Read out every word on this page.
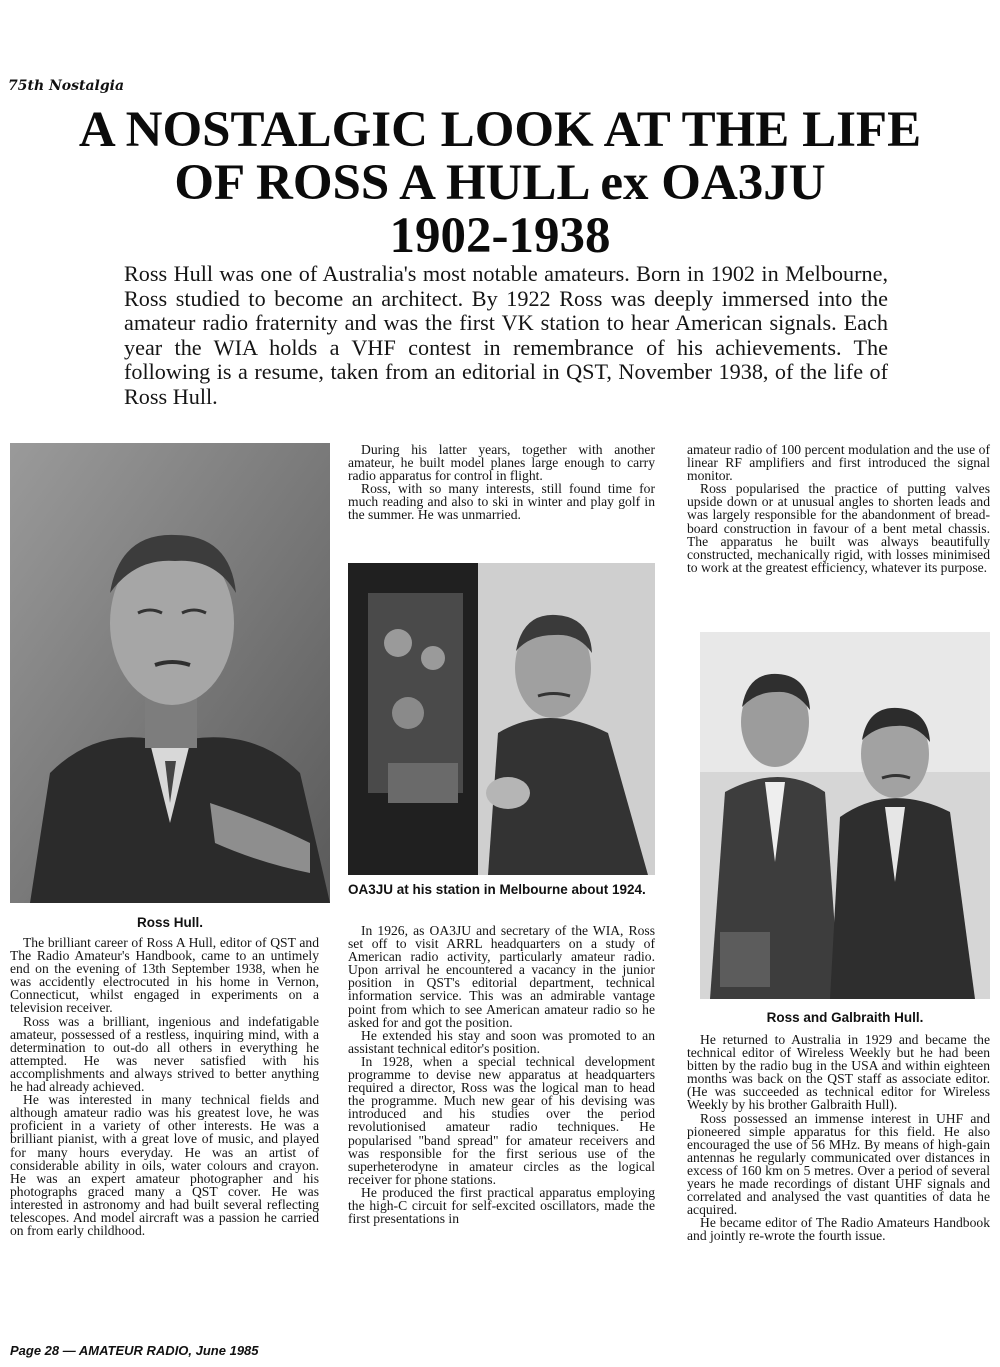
75th Nostalgia
A NOSTALGIC LOOK AT THE LIFE
OF ROSS A HULL ex OA3JU
1902-1938

Ross Hull was one of Australia's most notable amateurs. Born in 1902 in Melbourne, Ross studied to become an architect. By 1922 Ross was deeply immersed into the amateur radio fraternity and was the first VK station to hear American signals. Each year the WIA holds a VHF contest in remembrance of his achievements. The following is a resume, taken from an editorial in QST, November 1938, of the life of Ross Hull.

Ross Hull.

The brilliant career of Ross A Hull, editor of QST and The Radio Amateur's Handbook, came to an untimely end on the evening of 13th September 1938, when he was accidently electrocuted in his home in Vernon, Connecticut, whilst engaged in experiments on a television receiver.

Ross was a brilliant, ingenious and indefatigable amateur, possessed of a restless, inquiring mind, with a determination to out-do all others in everything he attempted. He was never satisfied with his accomplishments and always strived to better anything he had already achieved.

He was interested in many technical fields and although amateur radio was his greatest love, he was proficient in a variety of other interests. He was a brilliant pianist, with a great love of music, and played for many hours everyday. He was an artist of considerable ability in oils, water colours and crayon. He was an expert amateur photographer and his photographs graced many a QST cover. He was interested in astronomy and had built several reflecting telescopes. And model aircraft was a passion he carried on from early childhood.

During his latter years, together with another amateur, he built model planes large enough to carry radio apparatus for control in flight.

Ross, with so many interests, still found time for much reading and also to ski in winter and play golf in the summer. He was unmarried.

OA3JU at his station in Melbourne about 1924.

In 1926, as OA3JU and secretary of the WIA, Ross set off to visit ARRL headquarters on a study of American radio activity, particularly amateur radio. Upon arrival he encountered a vacancy in the junior position in QST's editorial department, technical information service. This was an admirable vantage point from which to see American amateur radio so he asked for and got the position.

He extended his stay and soon was promoted to an assistant technical editor's position.

In 1928, when a special technical development programme to devise new apparatus at headquarters required a director, Ross was the logical man to head the programme. Much new gear of his devising was introduced and his studies over the period revolutionised amateur radio techniques. He popularised "band spread" for amateur receivers and was responsible for the first serious use of the superheterodyne in amateur circles as the logical receiver for phone stations.

He produced the first practical apparatus employing the high-C circuit for self-excited oscillators, made the first presentations in

amateur radio of 100 percent modulation and the use of linear RF amplifiers and first introduced the signal monitor.

Ross popularised the practice of putting valves upside down or at unusual angles to shorten leads and was largely responsible for the abandonment of bread-board construction in favour of a bent metal chassis. The apparatus he built was always beautifully constructed, mechanically rigid, with losses minimised to work at the greatest efficiency, whatever its purpose.

Ross and Galbraith Hull.

He returned to Australia in 1929 and became the technical editor of Wireless Weekly but he had been bitten by the radio bug in the USA and within eighteen months was back on the QST staff as associate editor. (He was succeeded as technical editor for Wireless Weekly by his brother Galbraith Hull).

Ross possessed an immense interest in UHF and pioneered simple apparatus for this field. He also encouraged the use of 56 MHz. By means of high-gain antennas he regularly communicated over distances in excess of 160 km on 5 metres. Over a period of several years he made recordings of distant UHF signals and correlated and analysed the vast quantities of data he acquired.

He became editor of The Radio Amateurs Handbook and jointly re-wrote the fourth issue.

Page 28 — AMATEUR RADIO, June 1985
